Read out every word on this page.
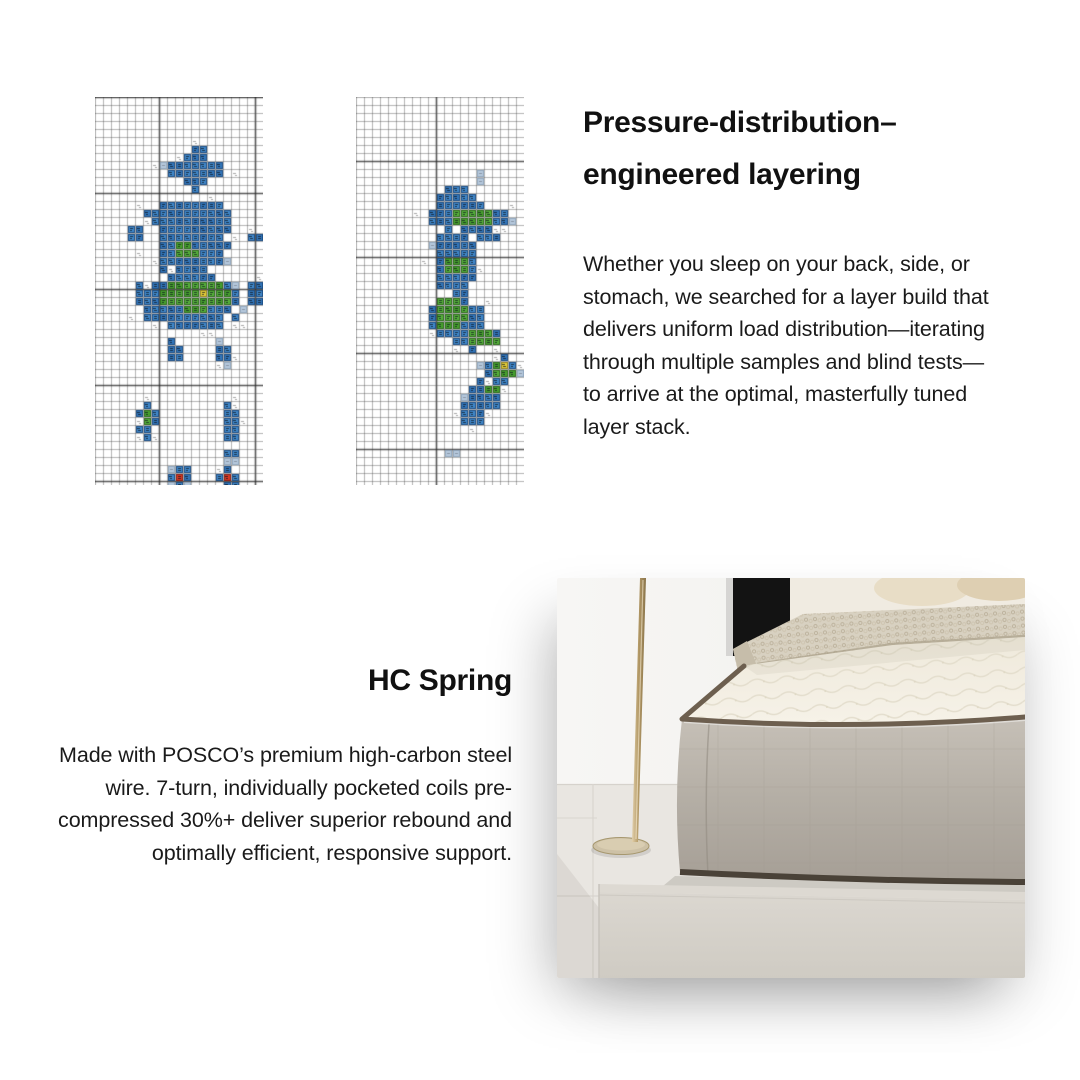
Pressure-distribution–
engineered layering

Whether you sleep on your back, side, or stomach, we searched for a layer build that delivers uniform load distribution—iterating through multiple samples and blind tests—to arrive at the optimal, masterfully tuned layer stack.

HC Spring

Made with POSCO’s premium high-carbon steel wire. 7-turn, individually pocketed coils pre-compressed 30%+ deliver superior rebound and optimally efficient, responsive support.
